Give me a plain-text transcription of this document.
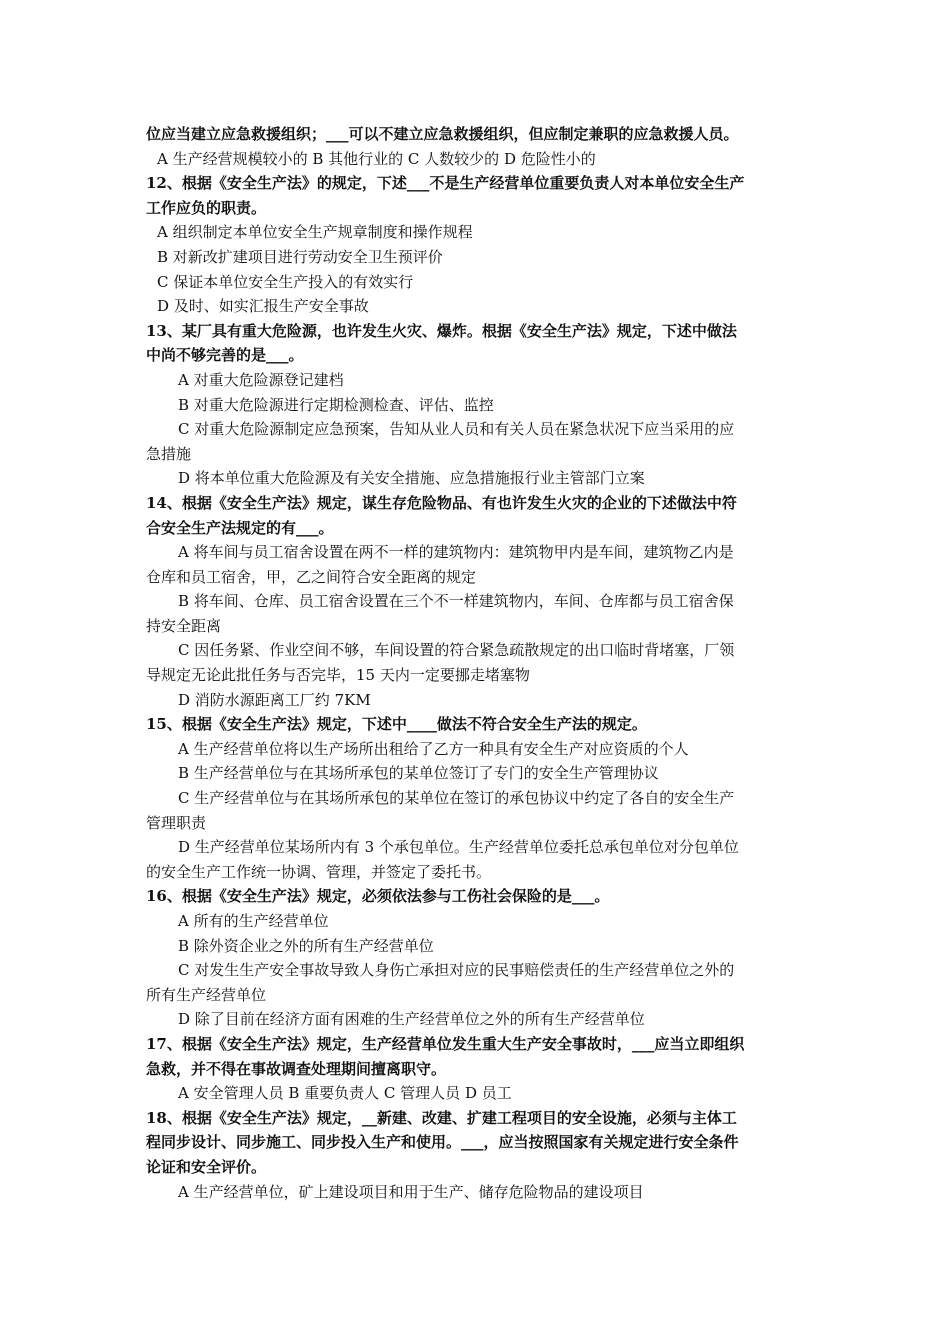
位应当建立应急救援组织；___可以不建立应急救援组织，但应制定兼职的应急救援人员。
A 生产经营规模较小的 B 其他行业的 C 人数较少的 D 危险性小的
12、根据《安全生产法》的规定，下述___不是生产经营单位重要负责人对本单位安全生产
工作应负的职责。
A 组织制定本单位安全生产规章制度和操作规程
B 对新改扩建项目进行劳动安全卫生预评价
C 保证本单位安全生产投入的有效实行
D 及时、如实汇报生产安全事故
13、某厂具有重大危险源，也许发生火灾、爆炸。根据《安全生产法》规定，下述中做法
中尚不够完善的是___。
A 对重大危险源登记建档
B 对重大危险源进行定期检测检查、评估、监控
C 对重大危险源制定应急预案，告知从业人员和有关人员在紧急状况下应当采用的应
急措施
D 将本单位重大危险源及有关安全措施、应急措施报行业主管部门立案
14、根据《安全生产法》规定，谋生存危险物品、有也许发生火灾的企业的下述做法中符
合安全生产法规定的有___。
A 将车间与员工宿舍设置在两不一样的建筑物内：建筑物甲内是车间，建筑物乙内是
仓库和员工宿舍，甲，乙之间符合安全距离的规定
B 将车间、仓库、员工宿舍设置在三个不一样建筑物内，车间、仓库都与员工宿舍保
持安全距离
C 因任务紧、作业空间不够，车间设置的符合紧急疏散规定的出口临时背堵塞，厂领
导规定无论此批任务与否完毕，15 天内一定要挪走堵塞物
D 消防水源距离工厂约 7KM
15、根据《安全生产法》规定，下述中____做法不符合安全生产法的规定。
A 生产经营单位将以生产场所出租给了乙方一种具有安全生产对应资质的个人
B 生产经营单位与在其场所承包的某单位签订了专门的安全生产管理协议
C 生产经营单位与在其场所承包的某单位在签订的承包协议中约定了各自的安全生产
管理职责
D 生产经营单位某场所内有 3 个承包单位。生产经营单位委托总承包单位对分包单位
的安全生产工作统一协调、管理，并签定了委托书。
16、根据《安全生产法》规定，必须依法参与工伤社会保险的是___。
A 所有的生产经营单位
B 除外资企业之外的所有生产经营单位
C 对发生生产安全事故导致人身伤亡承担对应的民事赔偿责任的生产经营单位之外的
所有生产经营单位
D 除了目前在经济方面有困难的生产经营单位之外的所有生产经营单位
17、根据《安全生产法》规定，生产经营单位发生重大生产安全事故时，___应当立即组织
急救，并不得在事故调查处理期间擅离职守。
A 安全管理人员 B 重要负责人 C 管理人员 D 员工
18、根据《安全生产法》规定，__新建、改建、扩建工程项目的安全设施，必须与主体工
程同步设计、同步施工、同步投入生产和使用。___，应当按照国家有关规定进行安全条件
论证和安全评价。
A 生产经营单位，矿上建设项目和用于生产、储存危险物品的建设项目
